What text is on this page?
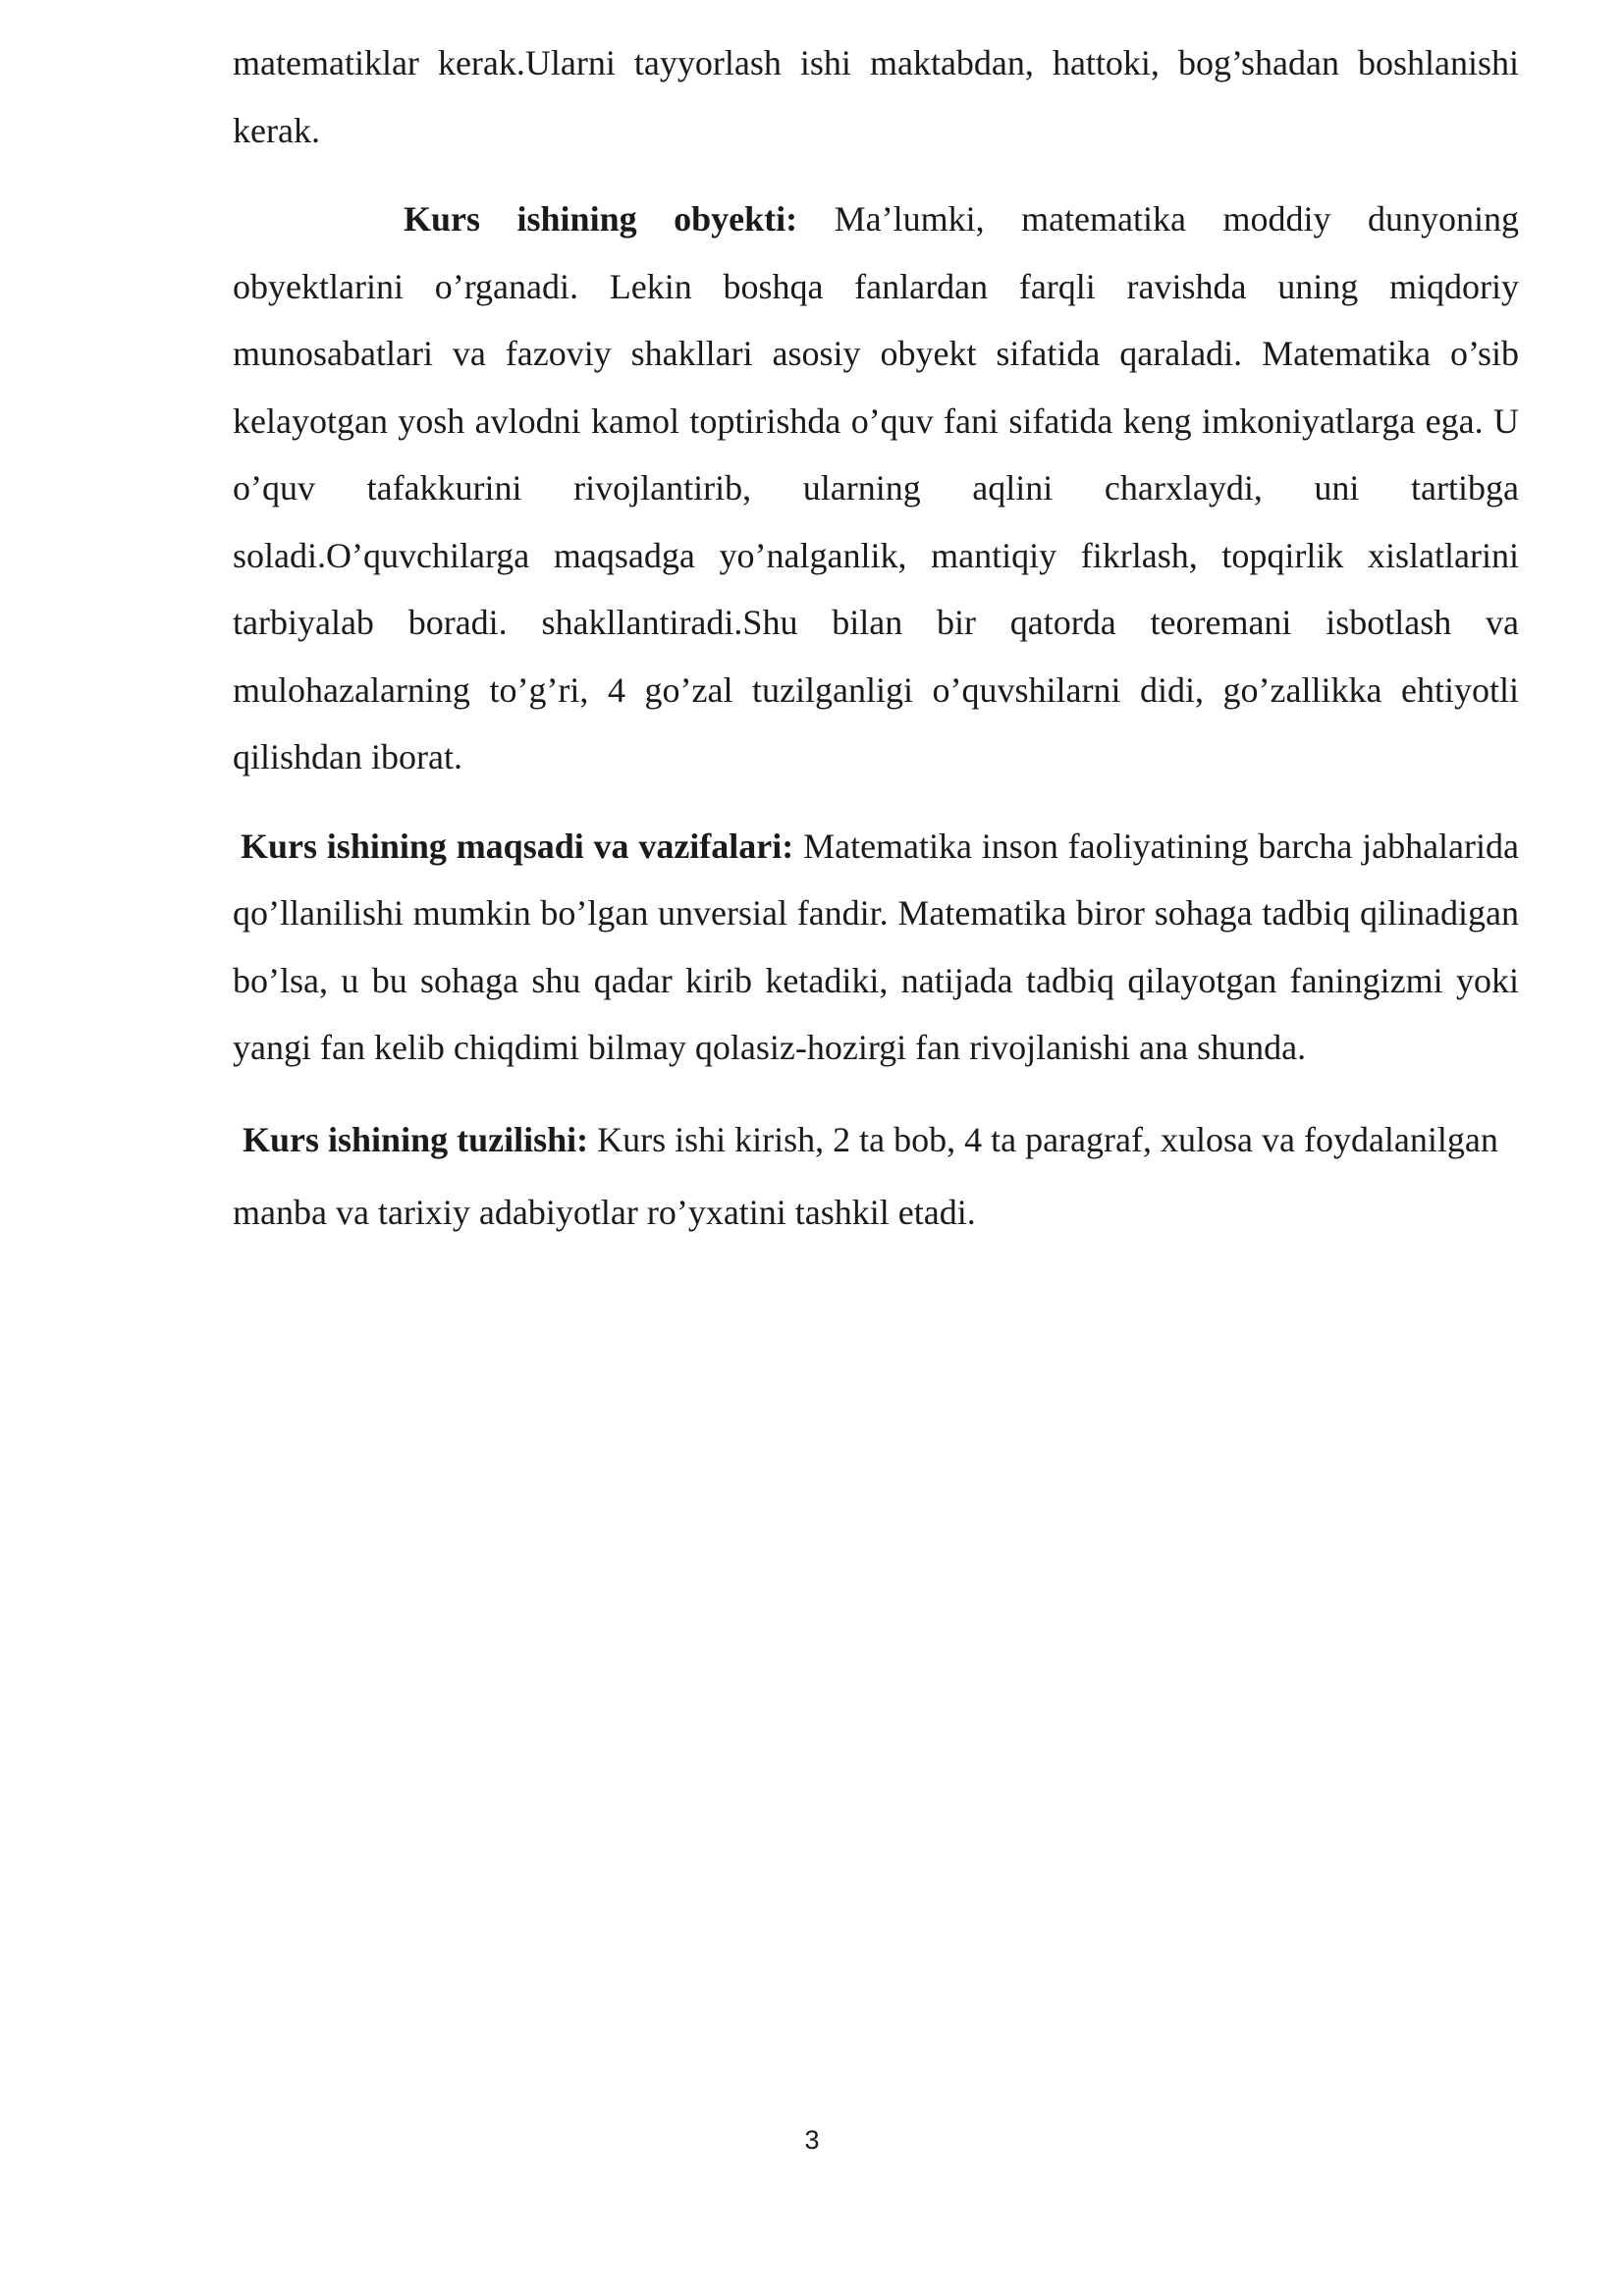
matematiklar kerak.Ularni tayyorlash ishi maktabdan, hattoki, bog’shadan boshlanishi kerak.

Kurs ishining obyekti: Ma’lumki, matematika moddiy dunyoning obyektlarini o’rganadi. Lekin boshqa fanlardan farqli ravishda uning miqdoriy munosabatlari va fazoviy shakllari asosiy obyekt sifatida qaraladi. Matematika o’sib kelayotgan yosh avlodni kamol toptirishda o’quv fani sifatida keng imkoniyatlarga ega. U o’quv tafakkurini rivojlantirib, ularning aqlini charxlaydi, uni tartibga soladi.O’quvchilarga maqsadga yo’nalganlik, mantiqiy fikrlash, topqirlik xislatlarini tarbiyalab boradi. shakllantiradi.Shu bilan bir qatorda teoremani isbotlash va mulohazalarning to’g’ri, 4 go’zal tuzilganligi o’quvshilarni didi, go’zallikka ehtiyotli qilishdan iborat.

Kurs ishining maqsadi va vazifalari: Matematika inson faoliyatining barcha jabhalarida qo’llanilishi mumkin bo’lgan unversial fandir. Matematika biror sohaga tadbiq qilinadigan bo’lsa, u bu sohaga shu qadar kirib ketadiki, natijada tadbiq qilayotgan faningizmi yoki yangi fan kelib chiqdimi bilmay qolasiz-hozirgi fan rivojlanishi ana shunda.

Kurs ishining tuzilishi: Kurs ishi kirish, 2 ta bob, 4 ta paragraf, xulosa va foydalanilgan manba va tarixiy adabiyotlar ro’yxatini tashkil etadi.

3
